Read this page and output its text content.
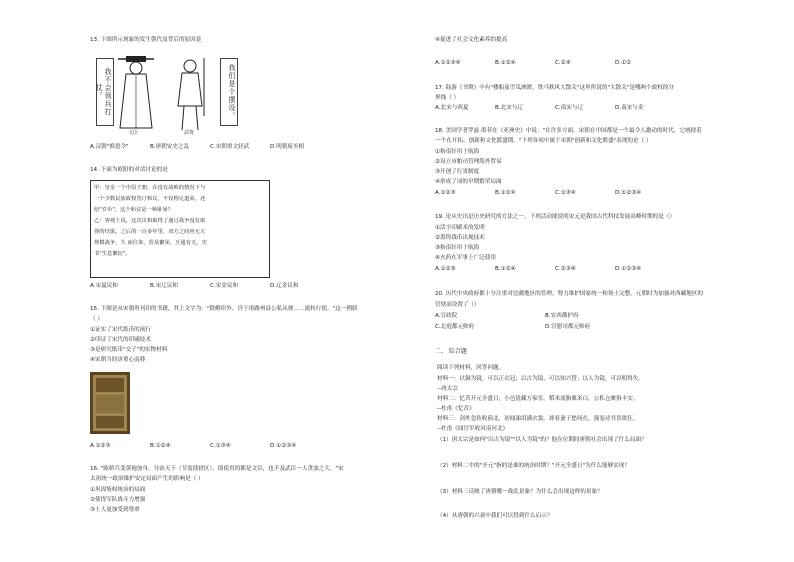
13. 下图所示现象的发生朝代及背后的原因是
我不会领兵打仗。
文臣	武将
我们是个摆设。
A.汉朝"推恩令"	B.唐朝安史之乱	C.宋朝重文轻武	D.明朝废丞相
14. 下面为欧阳的对话讨论的是
甲：皇室一个中原王朝，在没有战败的情况下与
一个少数民族政权签订和议，不仅称兄道弟，还
给"岁币"，这个和议是一种耻辱？
乙：客观上说，这次议和取得了通过战争没有取
得的结果。之后的一百多年里，双方之间再无大
规模战争，久 而往来，贸易繁荣，互通有无，史
书"生息繁衍"。
A.宋夏议和	B.宋辽议和	C.宋金议和	D.辽金议和
15. 下图是从宋朝所刊印的书籍，其上文字为："除解印外，许于诸路州县公私从便……流转行使。"这一例联
（ ）
①证实了宋代纸币的流行
②印证了宋代的印刷技术
③是研究纸币"交子"的实物材料
④宋朝当经济重心南移
A.①②③	B.①②④	C.①③④	D.①②③④
16. "陈桥兵变黄袍加身，分治天下（节度使辖区），即使用的都是文臣，也不及武臣一人贪浊之大。"宋
太祖统一政治维护安定局面产生的影响是（ ）
①巩固集权统治的局面
②使得军队战斗力增强
③士人更加受到尊重
④促进了社会文化素养的提高
A.①②③④	B.①②④	C.②④	D.①②
17. 陆游《书愤》中有"楼船夜雪瓜洲渡，铁马秋风大散关"这里所说的"大散关"是哪两个政权的分
界线（ ）
A.北宋与西夏	B.北宋与辽	C.南宋与辽	D.南宋与金
18. 美国学者罗兹·墨菲在《亚洲史》中说："在许多方面，宋朝在中国都是一个最令人激动的时代，它统辖着
一个在开拓、创新和文化繁盛期。"下列各项中属于宋朝"创新和文化繁盛"表现的是（ ）
①指南针用于航海
②设立市舶司管理海外贸易
③开创了行省制度
④形成了词的早期繁荣局面
A.①②③	B.①②④	C.①③④	D.①②③④
19. 论从史出是历史研究的方法之一。下列活动能说明宋元是我国古代科技发展高峰时期的是（）
①活字印刷术的发明
②墨铸钱币出现技术
③指南针用于航海
④火药在军事上广泛使用
A.①②③	B.①②④	C.②③④	D.①②③④
20. 历代中央政府都十分注重对边疆地区的管理，努力维护国家统一和领土完整。元朝时为加强对西藏地区的
管辖而设置了（）
A.宣政院	B.安西都护府
C.北庭都元帅府	D.宣慰司都元帅府
二、 综合题
阅读下列材料，回答问题。
材料一：以铜为镜，可以正衣冠；以古为镜，可以知兴替；以人为镜，可以明得失。
--唐太宗
材料二：忆昔开元全盛日，小邑犹藏万家室。稻米流脂粟米白，公私仓廪俱丰实。
--杜甫《忆昔》
材料三：剑外忽传收蓟北，初闻涕泪满衣裳。却看妻子愁何在，漫卷诗书喜欲狂。
--杜甫《闻官军收河南河北》
（1）唐太宗是如何"以古为镜""以人为镜"的？他在位期间唐朝社会出现了什么局面？
（2）材料二中的"开元"指的是谁的统治时期？"开元全盛日"为什么能够实现？
（3）材料三反映了唐朝哪一战乱景象？为什么会出现这样的景象？
（4）从唐朝的兴衰中我们可以得到什么启示？
